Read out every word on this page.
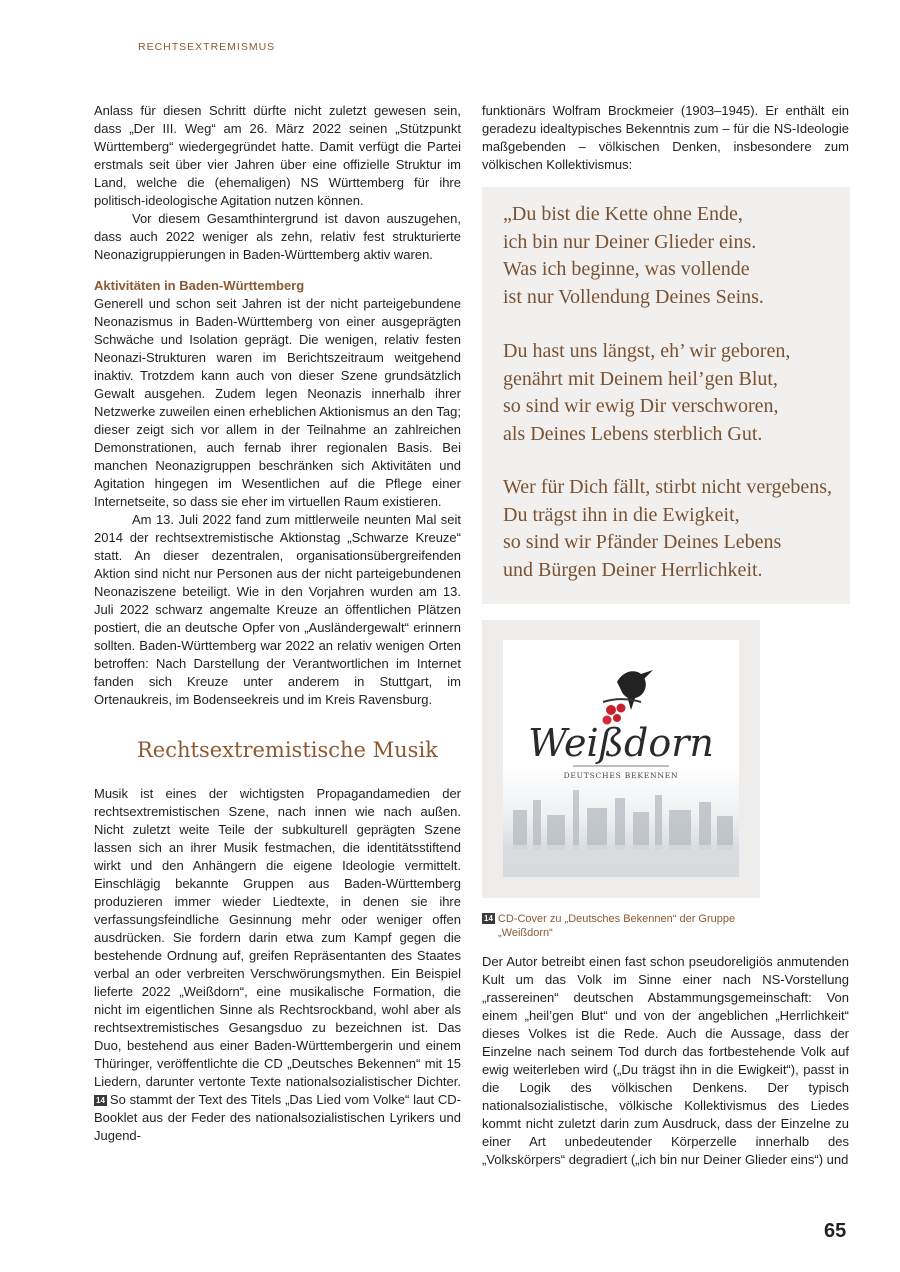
RECHTSEXTREMISMUS

Anlass für diesen Schritt dürfte nicht zuletzt gewesen sein, dass „Der III. Weg“ am 26. März 2022 seinen „Stützpunkt Württemberg“ wiedergegründet hatte. Damit verfügt die Partei erstmals seit über vier Jahren über eine offizielle Struktur im Land, welche die (ehemaligen) NS Württemberg für ihre politisch-ideologische Agitation nutzen können.

Vor diesem Gesamthintergrund ist davon auszugehen, dass auch 2022 weniger als zehn, relativ fest strukturierte Neonazigruppierungen in Baden-Württemberg aktiv waren.

Aktivitäten in Baden-Württemberg

Generell und schon seit Jahren ist der nicht parteigebundene Neonazismus in Baden-Württemberg von einer ausgeprägten Schwäche und Isolation geprägt. Die wenigen, relativ festen Neonazi-Strukturen waren im Berichtszeitraum weitgehend inaktiv. Trotzdem kann auch von dieser Szene grundsätzlich Gewalt ausgehen. Zudem legen Neonazis innerhalb ihrer Netzwerke zuweilen einen erheblichen Aktionismus an den Tag; dieser zeigt sich vor allem in der Teilnahme an zahlreichen Demonstrationen, auch fernab ihrer regionalen Basis. Bei manchen Neonazigruppen beschränken sich Aktivitäten und Agitation hingegen im Wesentlichen auf die Pflege einer Internetseite, so dass sie eher im virtuellen Raum existieren.

Am 13. Juli 2022 fand zum mittlerweile neunten Mal seit 2014 der rechtsextremistische Aktionstag „Schwarze Kreuze“ statt. An dieser dezentralen, organisationsübergreifenden Aktion sind nicht nur Personen aus der nicht parteigebundenen Neonaziszene beteiligt. Wie in den Vorjahren wurden am 13. Juli 2022 schwarz angemalte Kreuze an öffentlichen Plätzen postiert, die an deutsche Opfer von „Ausländergewalt“ erinnern sollten. Baden-Württemberg war 2022 an relativ wenigen Orten betroffen: Nach Darstellung der Verantwortlichen im Internet fanden sich Kreuze unter anderem in Stuttgart, im Ortenaukreis, im Bodenseekreis und im Kreis Ravensburg.

Rechtsextremistische Musik

Musik ist eines der wichtigsten Propagandamedien der rechtsextremistischen Szene, nach innen wie nach außen. Nicht zuletzt weite Teile der subkulturell geprägten Szene lassen sich an ihrer Musik festmachen, die identitätsstiftend wirkt und den Anhängern die eigene Ideologie vermittelt. Einschlägig bekannte Gruppen aus Baden-Württemberg produzieren immer wieder Liedtexte, in denen sie ihre verfassungsfeindliche Gesinnung mehr oder weniger offen ausdrücken. Sie fordern darin etwa zum Kampf gegen die bestehende Ordnung auf, greifen Repräsentanten des Staates verbal an oder verbreiten Verschwörungsmythen. Ein Beispiel lieferte 2022 „Weißdorn“, eine musikalische Formation, die nicht im eigentlichen Sinne als Rechtsrockband, wohl aber als rechtsextremistisches Gesangsduo zu bezeichnen ist. Das Duo, bestehend aus einer Baden-Württembergerin und einem Thüringer, veröffentlichte die CD „Deutsches Bekennen“ mit 15 Liedern, darunter vertonte Texte nationalsozialistischer Dichter. 14 So stammt der Text des Titels „Das Lied vom Volke“ laut CD-Booklet aus der Feder des nationalsozialistischen Lyrikers und Jugend-

funktionärs Wolfram Brockmeier (1903–1945). Er enthält ein geradezu idealtypisches Bekenntnis zum – für die NS-Ideologie maßgebenden – völkischen Denken, insbesondere zum völkischen Kollektivismus:

„Du bist die Kette ohne Ende,
ich bin nur Deiner Glieder eins.
Was ich beginne, was vollende
ist nur Vollendung Deines Seins.
Du hast uns längst, eh’ wir geboren,
genährt mit Deinem heil’gen Blut,
so sind wir ewig Dir verschworen,
als Deines Lebens sterblich Gut.
Wer für Dich fällt, stirbt nicht vergebens,
Du trägst ihn in die Ewigkeit,
so sind wir Pfänder Deines Lebens
und Bürgen Deiner Herrlichkeit.
Weißdorn
DEUTSCHES BEKENNEN
14 CD-Cover zu „Deutsches Bekennen“ der Gruppe
„Weißdorn“

Der Autor betreibt einen fast schon pseudoreligiös anmutenden Kult um das Volk im Sinne einer nach NS-Vorstellung „rassereinen“ deutschen Abstammungsgemeinschaft: Von einem „heil’gen Blut“ und von der angeblichen „Herrlichkeit“ dieses Volkes ist die Rede. Auch die Aussage, dass der Einzelne nach seinem Tod durch das fortbestehende Volk auf ewig weiterleben wird („Du trägst ihn in die Ewigkeit“), passt in die Logik des völkischen Denkens. Der typisch nationalsozialistische, völkische Kollektivismus des Liedes kommt nicht zuletzt darin zum Ausdruck, dass der Einzelne zu einer Art unbedeutender Körperzelle innerhalb des „Volkskörpers“ degradiert („ich bin nur Deiner Glieder eins“) und

65
